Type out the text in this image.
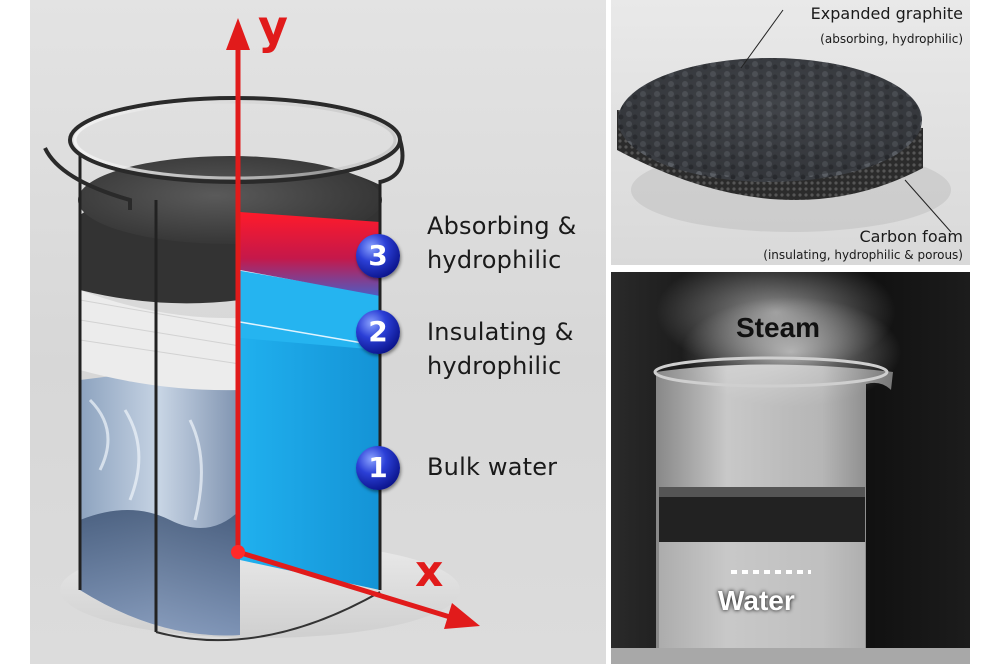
y
x
3
Absorbing &
hydrophilic
2	Insulating &
hydrophilic
1	Bulk water
Expanded graphite
(absorbing, hydrophilic)
Carbon foam
(insulating, hydrophilic & porous)
Steam
Water
